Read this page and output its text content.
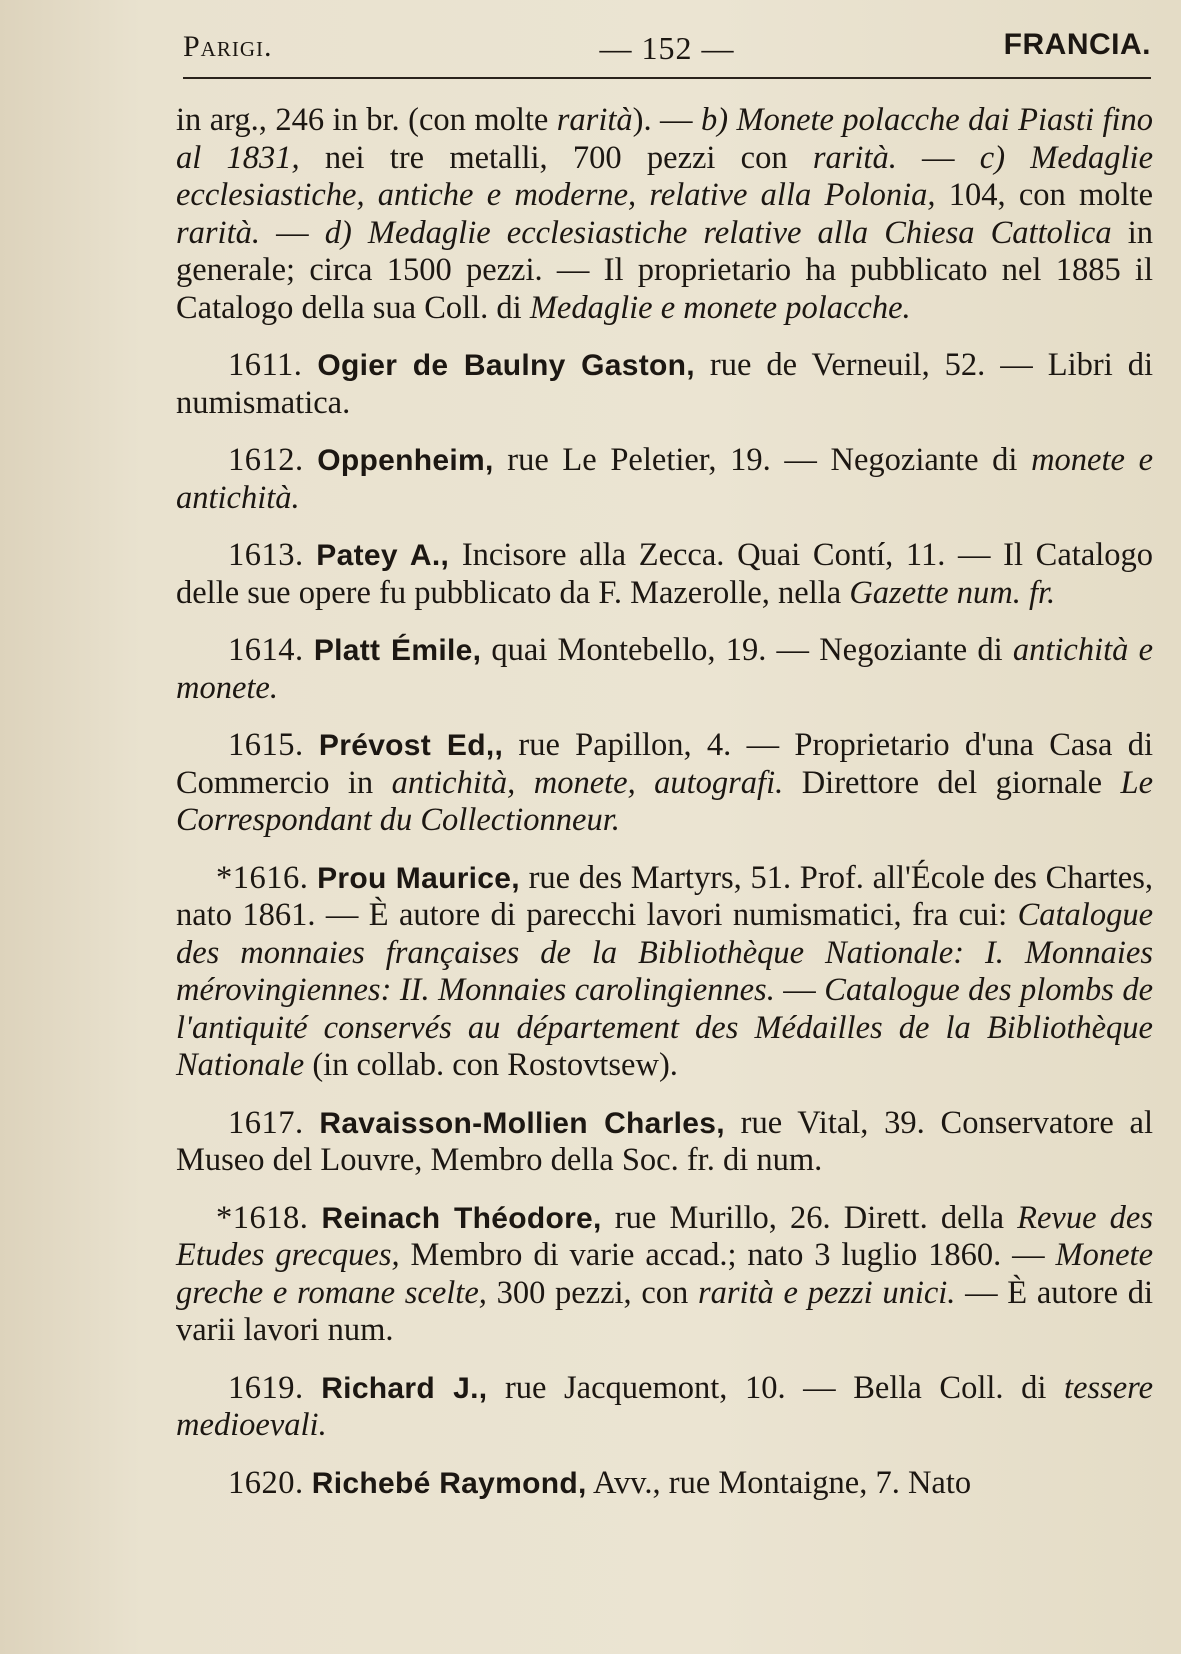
Parigi.	— 152 —	FRANCIA.

in arg., 246 in br. (con molte rarità). — b) Monete polacche dai Piasti fino al 1831, nei tre metalli, 700 pezzi con rarità. — c) Medaglie ecclesiastiche, antiche e moderne, relative alla Polonia, 104, con molte rarità. — d) Medaglie ecclesiastiche relative alla Chiesa Cattolica in generale; circa 1500 pezzi. — Il proprietario ha pubblicato nel 1885 il Catalogo della sua Coll. di Medaglie e monete polacche.

1611. Ogier de Baulny Gaston, rue de Verneuil, 52. — Libri di numismatica.

1612. Oppenheim, rue Le Peletier, 19. — Negoziante di monete e antichità.

1613. Patey A., Incisore alla Zecca. Quai Contí, 11. — Il Catalogo delle sue opere fu pubblicato da F. Mazerolle, nella Gazette num. fr.

1614. Platt Émile, quai Montebello, 19. — Negoziante di antichità e monete.

1615. Prévost Ed,, rue Papillon, 4. — Proprietario d'una Casa di Commercio in antichità, monete, autografi. Direttore del giornale Le Correspondant du Collectionneur.

*1616. Prou Maurice, rue des Martyrs, 51. Prof. all'École des Chartes, nato 1861. — È autore di parecchi lavori numismatici, fra cui: Catalogue des monnaies françaises de la Bibliothèque Nationale: I. Monnaies mérovingiennes: II. Monnaies carolingiennes. — Catalogue des plombs de l'antiquité conservés au département des Médailles de la Bibliothèque Nationale (in collab. con Rostovtsew).

1617. Ravaisson-Mollien Charles, rue Vital, 39. Conservatore al Museo del Louvre, Membro della Soc. fr. di num.

*1618. Reinach Théodore, rue Murillo, 26. Dirett. della Revue des Etudes grecques, Membro di varie accad.; nato 3 luglio 1860. — Monete greche e romane scelte, 300 pezzi, con rarità e pezzi unici. — È autore di varii lavori num.

1619. Richard J., rue Jacquemont, 10. — Bella Coll. di tessere medioevali.

1620. Richebé Raymond, Avv., rue Montaigne, 7. Nato
